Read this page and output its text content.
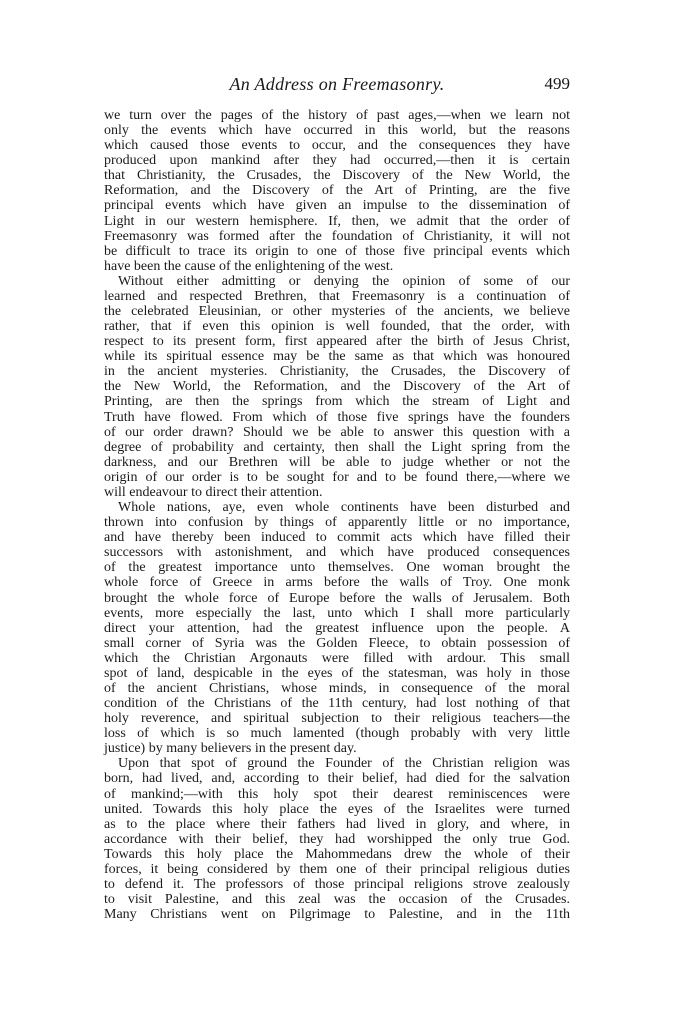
An Address on Freemasonry.	499
we turn over the pages of the history of past ages,—when we learn not
only the events which have occurred in this world, but the reasons
which caused those events to occur, and the consequences they have
produced upon mankind after they had occurred,—then it is certain
that Christianity, the Crusades, the Discovery of the New World, the
Reformation, and the Discovery of the Art of Printing, are the five
principal events which have given an impulse to the dissemination of
Light in our western hemisphere. If, then, we admit that the order of
Freemasonry was formed after the foundation of Christianity, it will not
be difficult to trace its origin to one of those five principal events which
have been the cause of the enlightening of the west.
Without either admitting or denying the opinion of some of our
learned and respected Brethren, that Freemasonry is a continuation of
the celebrated Eleusinian, or other mysteries of the ancients, we believe
rather, that if even this opinion is well founded, that the order, with
respect to its present form, first appeared after the birth of Jesus Christ,
while its spiritual essence may be the same as that which was honoured
in the ancient mysteries. Christianity, the Crusades, the Discovery of
the New World, the Reformation, and the Discovery of the Art of
Printing, are then the springs from which the stream of Light and
Truth have flowed. From which of those five springs have the founders
of our order drawn? Should we be able to answer this question with a
degree of probability and certainty, then shall the Light spring from the
darkness, and our Brethren will be able to judge whether or not the
origin of our order is to be sought for and to be found there,—where we
will endeavour to direct their attention.
Whole nations, aye, even whole continents have been disturbed and
thrown into confusion by things of apparently little or no importance,
and have thereby been induced to commit acts which have filled their
successors with astonishment, and which have produced consequences
of the greatest importance unto themselves. One woman brought the
whole force of Greece in arms before the walls of Troy. One monk
brought the whole force of Europe before the walls of Jerusalem. Both
events, more especially the last, unto which I shall more particularly
direct your attention, had the greatest influence upon the people. A
small corner of Syria was the Golden Fleece, to obtain possession of
which the Christian Argonauts were filled with ardour. This small
spot of land, despicable in the eyes of the statesman, was holy in those
of the ancient Christians, whose minds, in consequence of the moral
condition of the Christians of the 11th century, had lost nothing of that
holy reverence, and spiritual subjection to their religious teachers—the
loss of which is so much lamented (though probably with very little
justice) by many believers in the present day.
Upon that spot of ground the Founder of the Christian religion was
born, had lived, and, according to their belief, had died for the salvation
of mankind;—with this holy spot their dearest reminiscences were
united. Towards this holy place the eyes of the Israelites were turned
as to the place where their fathers had lived in glory, and where, in
accordance with their belief, they had worshipped the only true God.
Towards this holy place the Mahommedans drew the whole of their
forces, it being considered by them one of their principal religious duties
to defend it. The professors of those principal religions strove zealously
to visit Palestine, and this zeal was the occasion of the Crusades.
Many Christians went on Pilgrimage to Palestine, and in the 11th
